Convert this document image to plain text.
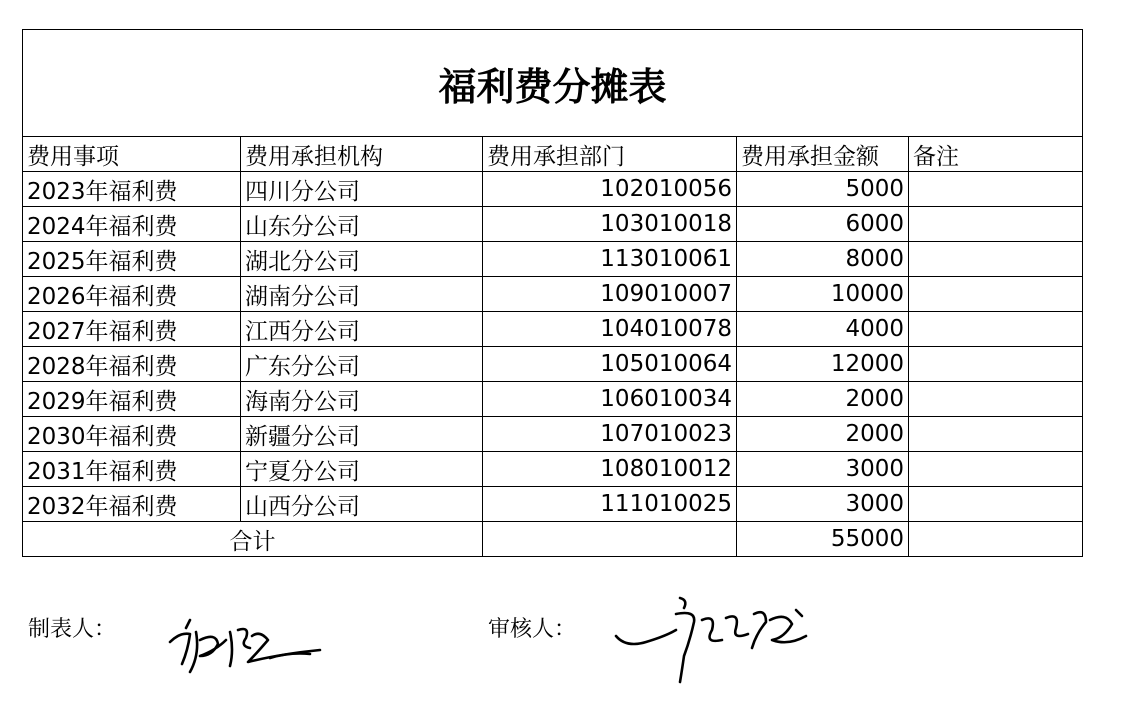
福利费分摊表				
费用事项	费用承担机构	费用承担部门	费用承担金额	备注
2023年福利费	四川分公司	102010056	5000	
2024年福利费	山东分公司	103010018	6000	
2025年福利费	湖北分公司	113010061	8000	
2026年福利费	湖南分公司	109010007	10000	
2027年福利费	江西分公司	104010078	4000	
2028年福利费	广东分公司	105010064	12000	
2029年福利费	海南分公司	106010034	2000	
2030年福利费	新疆分公司	107010023	2000	
2031年福利费	宁夏分公司	108010012	3000	
2032年福利费	山西分公司	111010025	3000	
合计			55000	
制表人：	审核人：
